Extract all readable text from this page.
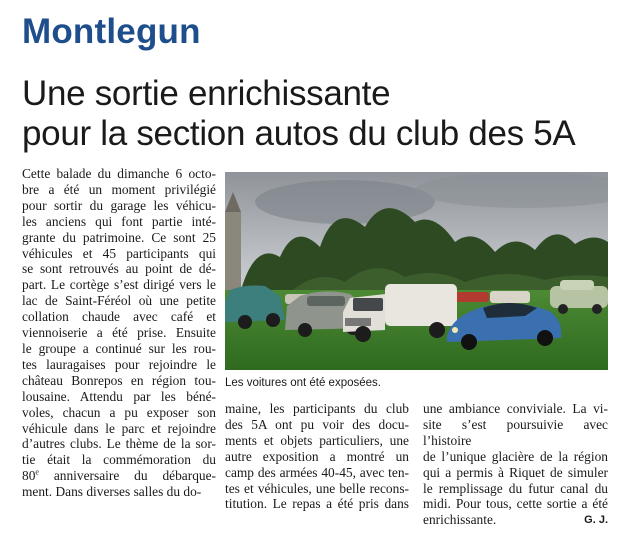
Montlegun
Une sortie enrichissante
pour la section autos du club des 5A

Cette balade du dimanche 6 octo-

bre a été un moment privilégié

pour sortir du garage les véhicu-

les anciens qui font partie inté-

grante du patrimoine. Ce sont 25

véhicules et 45 participants qui

se sont retrouvés au point de dé-

part. Le cortège s’est dirigé vers le

lac de Saint-Féréol où une petite

collation chaude avec café et

viennoiserie a été prise. Ensuite

le groupe a continué sur les rou-

tes lauragaises pour rejoindre le

château Bonrepos en région tou-

lousaine. Attendu par les béné-

voles, chacun a pu exposer son

véhicule dans le parc et rejoindre

d’autres clubs. Le thème de la sor-

tie était la commémoration du

80e anniversaire du débarque-

ment. Dans diverses salles du do-

Les voitures ont été exposées.

maine, les participants du club

des 5A ont pu voir des docu-

ments et objets particuliers, une

autre exposition a montré un

camp des armées 40-45, avec ten-

tes et véhicules, une belle recons-

titution. Le repas a été pris dans

une ambiance conviviale. La vi-

site s’est poursuivie avec l’histoire

de l’unique glacière de la région

qui a permis à Riquet de simuler

le remplissage du futur canal du

midi. Pour tous, cette sortie a été

enrichissante.	G. J.
